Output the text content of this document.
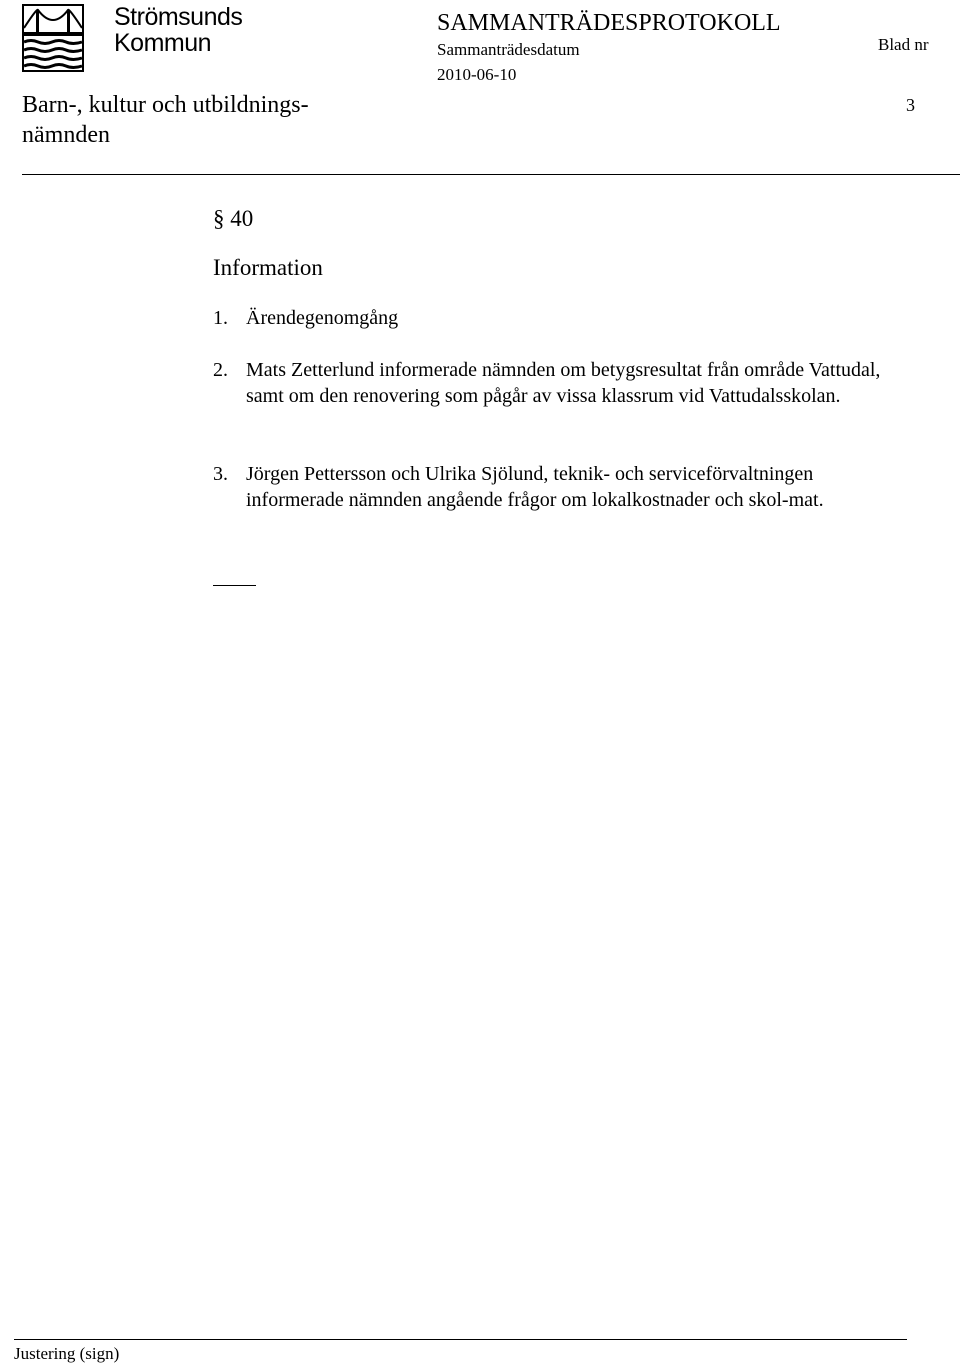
Strömsunds
Kommun
SAMMANTRÄDESPROTOKOLL
Sammanträdesdatum
2010-06-10
Blad nr
3
Barn-, kultur och utbildnings-
nämnden
§ 40
Information
1. Ärendegenomgång
2. Mats Zetterlund informerade nämnden om betygsresultat från område Vattudal, samt om den renovering som pågår av vissa klassrum vid Vattudalsskolan.
3. Jörgen Pettersson och Ulrika Sjölund, teknik- och serviceförvaltningen informerade nämnden angående frågor om lokalkostnader och skol-mat.
Justering (sign)
